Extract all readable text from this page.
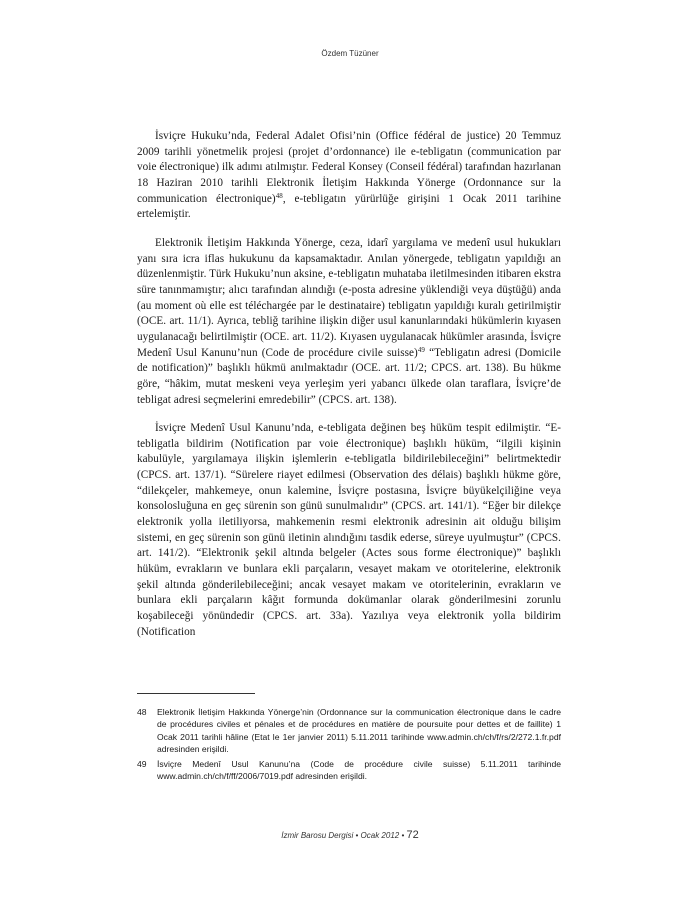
Özdem Tüzüner

İsviçre Hukuku’nda, Federal Adalet Ofisi’nin (Office fédéral de justice) 20 Temmuz 2009 tarihli yönetmelik projesi (projet d’ordonnance) ile e-tebligatın (communication par voie électronique) ilk adımı atılmıştır. Federal Konsey (Conseil fédéral) tarafından hazırlanan 18 Haziran 2010 tarihli Elektronik İletişim Hakkında Yönerge (Ordonnance sur la communication électronique)$^{48}$, e-tebligatın yürürlüğe girişini 1 Ocak 2011 tarihine ertelemiştir.

Elektronik İletişim Hakkında Yönerge, ceza, idarî yargılama ve medenî usul hukukları yanı sıra icra iflas hukukunu da kapsamaktadır. Anılan yönergede, tebligatın yapıldığı an düzenlenmiştir. Türk Hukuku’nun aksine, e-tebligatın muhataba iletilmesinden itibaren ekstra süre tanınmamıştır; alıcı tarafından alındığı (e-posta adresine yüklendiği veya düştüğü) anda (au moment où elle est téléchargée par le destinataire) tebligatın yapıldığı kuralı getirilmiştir (OCE. art. 11/1). Ayrıca, tebliğ tarihine ilişkin diğer usul kanunlarındaki hükümlerin kıyasen uygulanacağı belirtilmiştir (OCE. art. 11/2). Kıyasen uygulanacak hükümler arasında, İsviçre Medenî Usul Kanunu’nun (Code de procédure civile suisse)$^{49}$ “Tebligatın adresi (Domicile de notification)” başlıklı hükmü anılmaktadır (OCE. art. 11/2; CPCS. art. 138). Bu hükme göre, “hâkim, mutat meskeni veya yerleşim yeri yabancı ülkede olan taraflara, İsviçre’de tebligat adresi seçmelerini emredebilir” (CPCS. art. 138).

İsviçre Medenî Usul Kanunu’nda, e-tebligata değinen beş hüküm tespit edilmiştir. “E-tebligatla bildirim (Notification par voie électronique) başlıklı hüküm, “ilgili kişinin kabulüyle, yargılamaya ilişkin işlemlerin e-tebligatla bildirilebileceğini” belirtmektedir (CPCS. art. 137/1). “Sürelere riayet edilmesi (Observation des délais) başlıklı hükme göre, “dilekçeler, mahkemeye, onun kalemine, İsviçre postasına, İsviçre büyükelçiliğine veya konsolosluğuna en geç sürenin son günü sunulmalıdır” (CPCS. art. 141/1). “Eğer bir dilekçe elektronik yolla iletiliyorsa, mahkemenin resmi elektronik adresinin ait olduğu bilişim sistemi, en geç sürenin son günü iletinin alındığını tasdik ederse, süreye uyulmuştur” (CPCS. art. 141/2). “Elektronik şekil altında belgeler (Actes sous forme électronique)” başlıklı hüküm, evrakların ve bunlara ekli parçaların, vesayet makam ve otoritelerine, elektronik şekil altında gönderilebileceğini; ancak vesayet makam ve otoritelerinin, evrakların ve bunlara ekli parçaların kâğıt formunda dokümanlar olarak gönderilmesini zorunlu koşabileceği yönündedir (CPCS. art. 33a). Yazılıya veya elektronik yolla bildirim (Notification

48	Elektronik İletişim Hakkında Yönerge’nin (Ordonnance sur la communication électronique dans le cadre de procédures civiles et pénales et de procédures en matière de poursuite pour dettes et de faillite) 1 Ocak 2011 tarihli hâline (Etat le 1er janvier 2011) 5.11.2011 tarihinde www.admin.ch/ch/f/rs/2/272.1.fr.pdf adresinden erişildi.
49	İsviçre Medenî Usul Kanunu’na (Code de procédure civile suisse) 5.11.2011 tarihinde www.admin.ch/ch/f/ff/2006/7019.pdf adresinden erişildi.
İzmir Barosu Dergisi • Ocak 2012 • 72
